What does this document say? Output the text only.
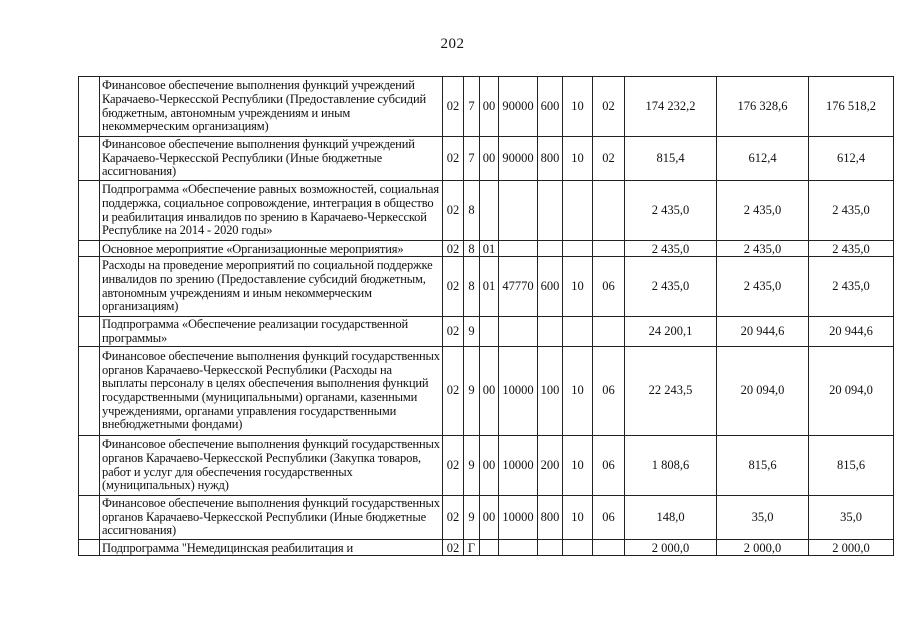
202
	Финансовое обеспечение выполнения функций учреждений Карачаево-Черкесской Республики (Предоставление субсидий бюджетным, автономным учреждениям и иным некоммерческим организациям)	02	7	00	90000	600	10	02	174 232,2	176 328,6	176 518,2
	Финансовое обеспечение выполнения функций учреждений Карачаево-Черкесской Республики (Иные бюджетные ассигнования)	02	7	00	90000	800	10	02	815,4	612,4	612,4
	Подпрограмма «Обеспечение равных возможностей, социальная поддержка, социальное сопровождение, интеграция в общество и реабилитация инвалидов по зрению в Карачаево-Черкесской Республике на 2014 - 2020 годы»	02	8						2 435,0	2 435,0	2 435,0
	Основное мероприятие «Организационные мероприятия»	02	8	01					2 435,0	2 435,0	2 435,0
	Расходы на проведение мероприятий по социальной поддержке инвалидов по зрению (Предоставление субсидий бюджетным, автономным учреждениям и иным некоммерческим организациям)	02	8	01	47770	600	10	06	2 435,0	2 435,0	2 435,0
	Подпрограмма «Обеспечение реализации государственной программы»	02	9						24 200,1	20 944,6	20 944,6
	Финансовое обеспечение выполнения функций государственных органов Карачаево-Черкесской Республики (Расходы на выплаты персоналу в целях обеспечения выполнения функций государственными (муниципальными) органами, казенными учреждениями, органами управления государственными внебюджетными фондами)	02	9	00	10000	100	10	06	22 243,5	20 094,0	20 094,0
	Финансовое обеспечение выполнения функций государственных органов Карачаево-Черкесской Республики (Закупка товаров, работ и услуг для обеспечения государственных (муниципальных) нужд)	02	9	00	10000	200	10	06	1 808,6	815,6	815,6
	Финансовое обеспечение выполнения функций государственных органов Карачаево-Черкесской Республики (Иные бюджетные ассигнования)	02	9	00	10000	800	10	06	148,0	35,0	35,0
	Подпрограмма "Немедицинская реабилитация и	02	Г						2 000,0	2 000,0	2 000,0
